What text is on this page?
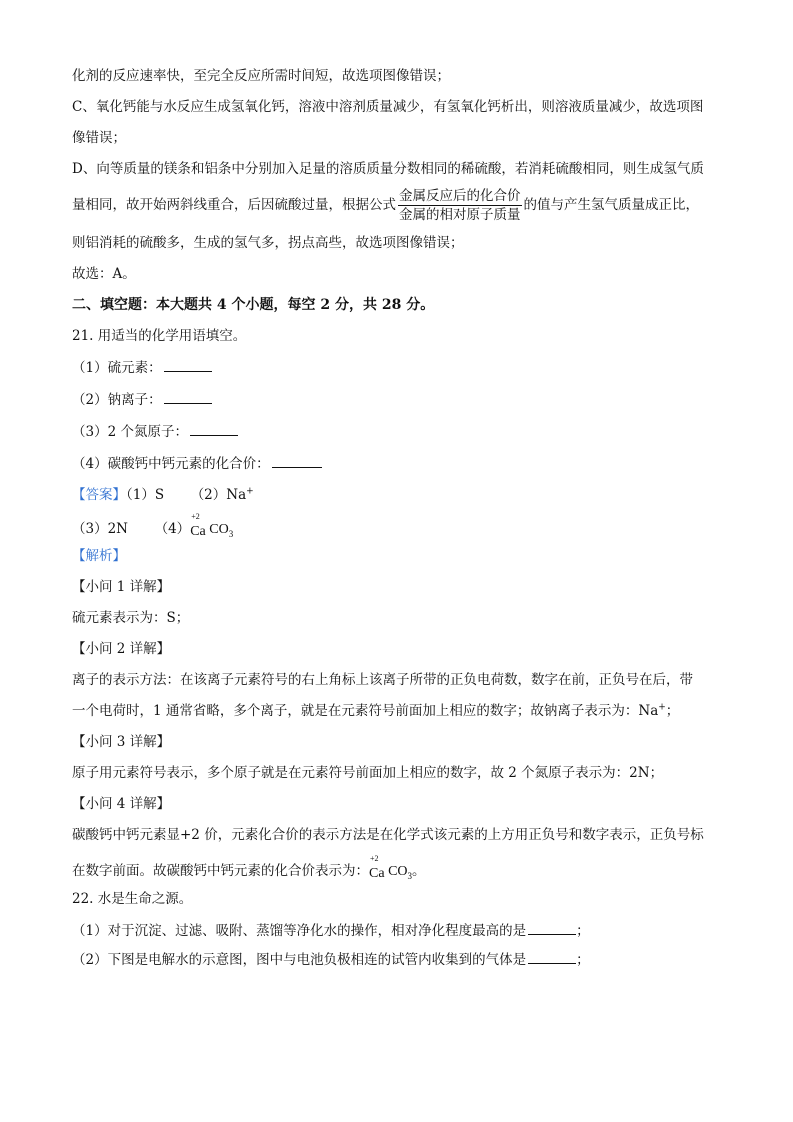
化剂的反应速率快，至完全反应所需时间短，故选项图像错误；

C、氧化钙能与水反应生成氢氧化钙，溶液中溶剂质量减少，有氢氧化钙析出，则溶液质量减少，故选项图

像错误；

D、向等质量的镁条和铝条中分别加入足量的溶质质量分数相同的稀硫酸，若消耗硫酸相同，则生成氢气质

量相同，故开始两斜线重合，后因硫酸过量，根据公式 $\frac{\text{金属反应后的化合价}}{\text{金属的相对原子质量}}$ 的值与产生氢气质量成正比，

则铝消耗的硫酸多，生成的氢气多，拐点高些，故选项图像错误；

故选：A。

二、填空题：本大题共 4 个小题，每空 2 分，共 28 分。

21. 用适当的化学用语填空。

（1）硫元素：

（2）钠离子：

（3）2 个氮原子：

（4）碳酸钙中钙元素的化合价：

【答案】（1）S （2）Na+

（3）2N （4）
+2
Ca $CO_3$

【解析】

【小问 1 详解】

硫元素表示为：S；

【小问 2 详解】

离子的表示方法：在该离子元素符号的右上角标上该离子所带的正负电荷数，数字在前，正负号在后，带

一个电荷时，1 通常省略，多个离子，就是在元素符号前面加上相应的数字；故钠离子表示为：Na+；

【小问 3 详解】

原子用元素符号表示，多个原子就是在元素符号前面加上相应的数字，故 2 个氮原子表示为：2N；

【小问 4 详解】

碳酸钙中钙元素显+2 价，元素化合价的表示方法是在化学式该元素的上方用正负号和数字表示，正负号标

在数字前面。故碳酸钙中钙元素的化合价表示为：
+2
Ca $CO_3$。

22. 水是生命之源。

（1）对于沉淀、过滤、吸附、蒸馏等净化水的操作，相对净化程度最高的是	；

（2）下图是电解水的示意图，图中与电池负极相连的试管内收集到的气体是	；
